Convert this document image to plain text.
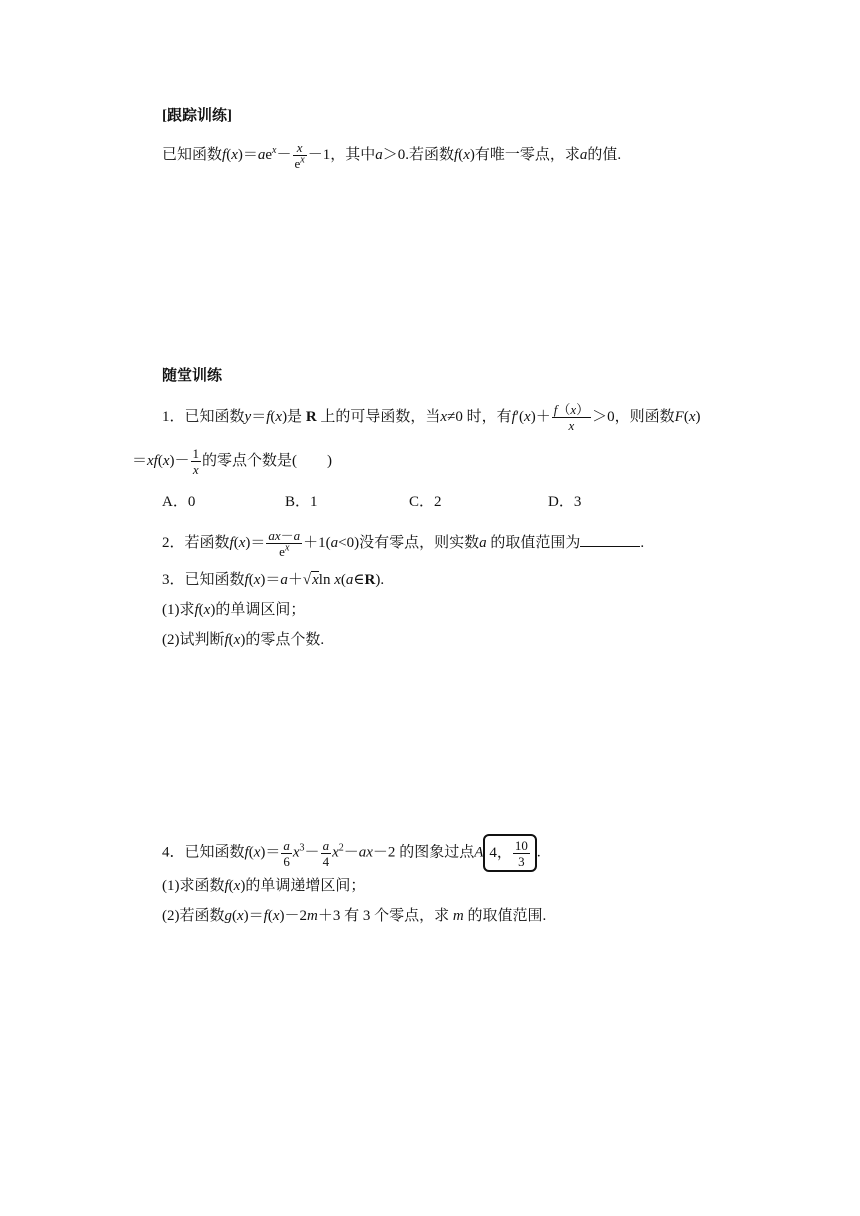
[跟踪训练]
已知函数$f(x)=ae^x- \frac{x}{e^x} -1$，其中a＞0.若函数f(x)有唯一零点，求a的值.
随堂训练
1．已知函数y＝f(x)是 R 上的可导函数，当x≠0 时，有$f'(x)+ \frac{f(x)}{x} >0$，则函数F(x)
$=xf(x)- \frac{1}{x}$ 的零点个数是(　　)
A．0	B．1	C．2	D．3
2．若函数$f(x)= \frac{ax-a}{e^x} +1(a<0)$没有零点，则实数a 的取值范围为	.
3．已知函数f(x)＝a＋√xln x(a∈R).
(1)求f(x)的单调区间；
(2)试判断f(x)的零点个数.
4．已知函数$f(x)= \frac{a}{6} x^3- \frac{a}{4} x^2-ax-2$ 的图象过点A 4， $\frac{10}{3}$ .
(1)求函数f(x)的单调递增区间；
(2)若函数g(x)＝f(x)－2m＋3 有 3 个零点，求 m 的取值范围.
